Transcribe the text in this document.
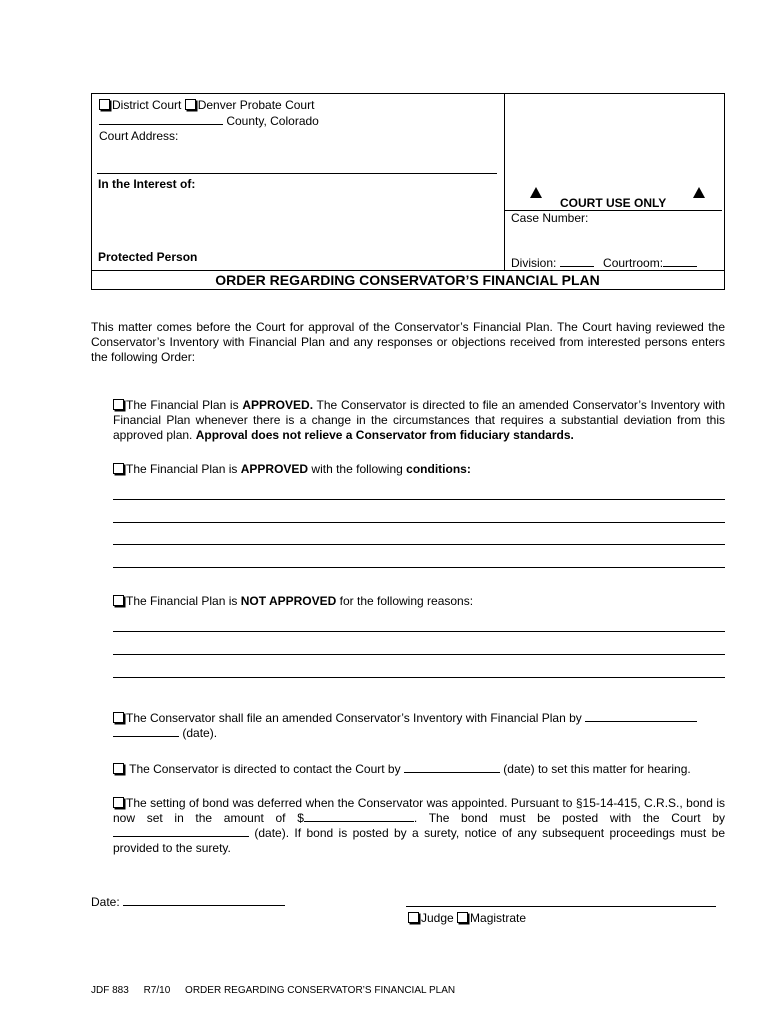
District Court Denver Probate Court
County, Colorado
Court Address:
In the Interest of:
Protected Person
COURT USE ONLY
Case Number:
Division:	Courtroom:
ORDER REGARDING CONSERVATOR’S FINANCIAL PLAN
This matter comes before the Court for approval of the Conservator’s Financial Plan. The Court having reviewed the Conservator’s Inventory with Financial Plan and any responses or objections received from interested persons enters the following Order:
The Financial Plan is APPROVED. The Conservator is directed to file an amended Conservator’s Inventory with Financial Plan whenever there is a change in the circumstances that requires a substantial deviation from this approved plan. Approval does not relieve a Conservator from fiduciary standards.
The Financial Plan is APPROVED with the following conditions:
The Financial Plan is NOT APPROVED for the following reasons:
The Conservator shall file an amended Conservator’s Inventory with Financial Plan by
(date).
The Conservator is directed to contact the Court by	(date) to set this matter for hearing.
The setting of bond was deferred when the Conservator was appointed. Pursuant to §15-14-415, C.R.S., bond is now set in the amount of $	. The bond must be posted with the Court by (date). If bond is posted by a surety, notice of any subsequent proceedings must be provided to the surety.
Date:
Judge Magistrate
JDF 883 R7/10 ORDER REGARDING CONSERVATOR’S FINANCIAL PLAN
